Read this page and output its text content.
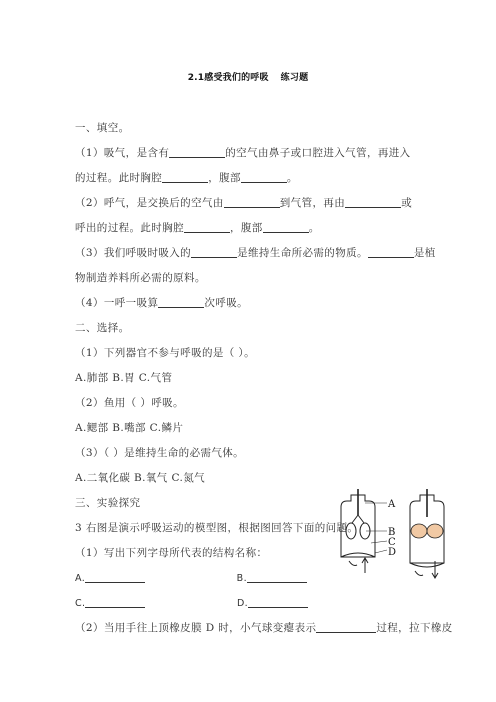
2.1感受我们的呼吸 练习题
一、填空。
（1）吸气，是含有	的空气由鼻子或口腔进入气管，再进入
的过程。此时胸腔	，腹部	。
（2）呼气，是交换后的空气由	到气管，再由	或
呼出的过程。此时胸腔	，腹部	。
（3）我们呼吸时吸入的	是维持生命所必需的物质。	是植
物制造养料所必需的原料。
（4）一呼一吸算	次呼吸。
二、选择。
（1）下列器官不参与呼吸的是（ ）。
A.肺部 B.胃 C.气管
（2）鱼用（ ）呼吸。
A.鳃部 B.嘴部 C.鳞片
（3）（ ）是维持生命的必需气体。
A.二氧化碳 B.氧气 C.氮气
三、实验探究
3 右图是演示呼吸运动的模型图，根据图回答下面的问题。
（1）写出下列字母所代表的结构名称：
A.	B.
C.	D.
（2）当用手往上顶橡皮膜 D 时，小气球变瘪表示	过程，拉下橡皮
A
B
C
D
